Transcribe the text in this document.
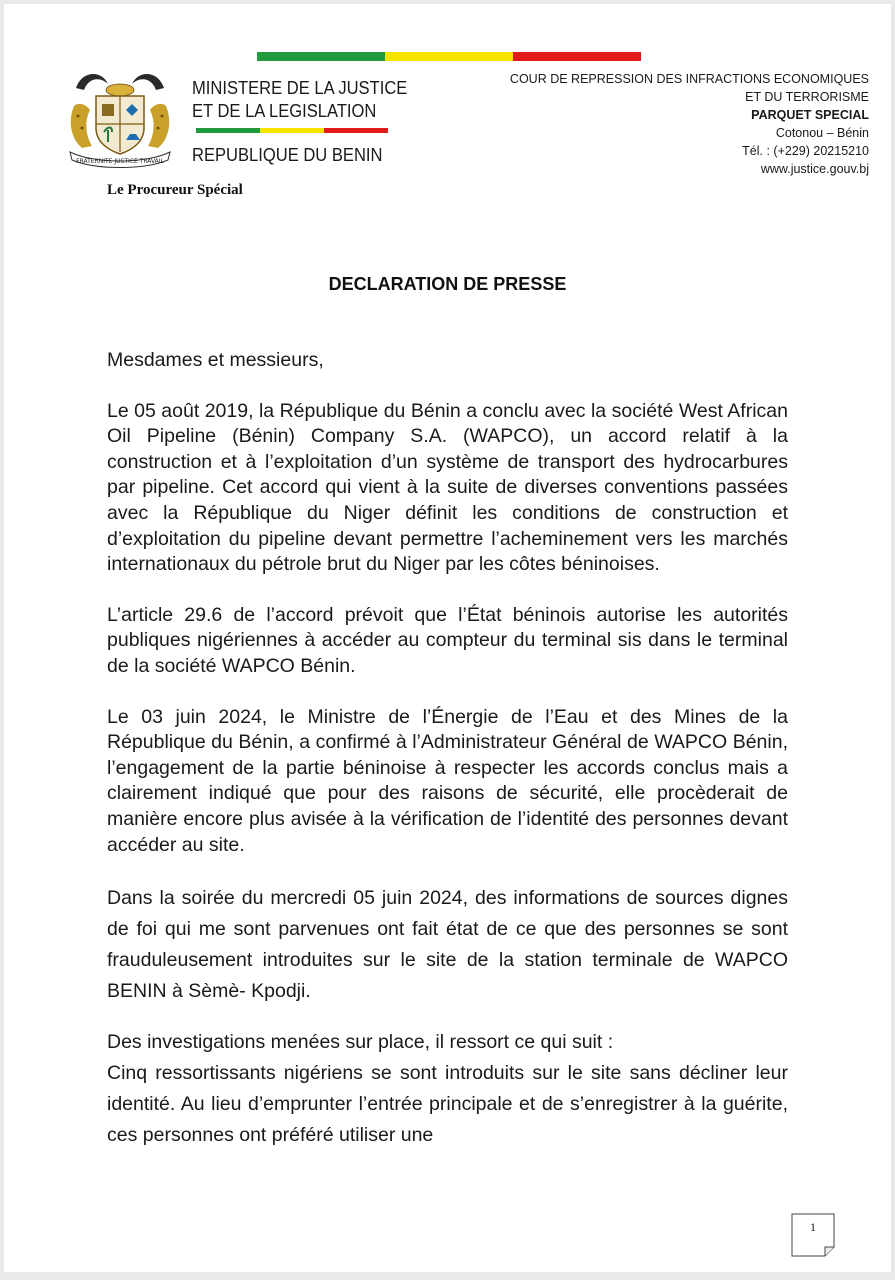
FRATERNITE JUSTICE TRAVAIL
MINISTERE DE LA JUSTICE
ET DE LA LEGISLATION
REPUBLIQUE DU BENIN
COUR DE REPRESSION DES INFRACTIONS ECONOMIQUES
ET DU TERRORISME
PARQUET SPECIAL
Cotonou – Bénin
Tél. : (+229) 20215210
www.justice.gouv.bj
Le Procureur Spécial
DECLARATION DE PRESSE

Mesdames et messieurs,

Le 05 août 2019, la République du Bénin a conclu avec la société West African Oil Pipeline (Bénin) Company S.A. (WAPCO), un accord relatif à la construction et à l’exploitation d’un système de transport des hydrocarbures par pipeline. Cet accord qui vient à la suite de diverses conventions passées avec la République du Niger définit les conditions de construction et d’exploitation du pipeline devant permettre l’acheminement vers les marchés internationaux du pétrole brut du Niger par les côtes béninoises.

L’article 29.6 de l’accord prévoit que l’État béninois autorise les autorités publiques nigériennes à accéder au compteur du terminal sis dans le terminal de la société WAPCO Bénin.

Le 03 juin 2024, le Ministre de l’Énergie de l’Eau et des Mines de la République du Bénin, a confirmé à l’Administrateur Général de WAPCO Bénin, l’engagement de la partie béninoise à respecter les accords conclus mais a clairement indiqué que pour des raisons de sécurité, elle procèderait de manière encore plus avisée à la vérification de l’identité des personnes devant accéder au site.

Dans la soirée du mercredi 05 juin 2024, des informations de sources dignes de foi qui me sont parvenues ont fait état de ce que des personnes se sont frauduleusement introduites sur le site de la station terminale de WAPCO BENIN à Sèmè- Kpodji.

Des investigations menées sur place, il ressort ce qui suit :

Cinq ressortissants nigériens se sont introduits sur le site sans décliner leur identité. Au lieu d’emprunter l’entrée principale et de s’enregistrer à la guérite, ces personnes ont préféré utiliser une

1
